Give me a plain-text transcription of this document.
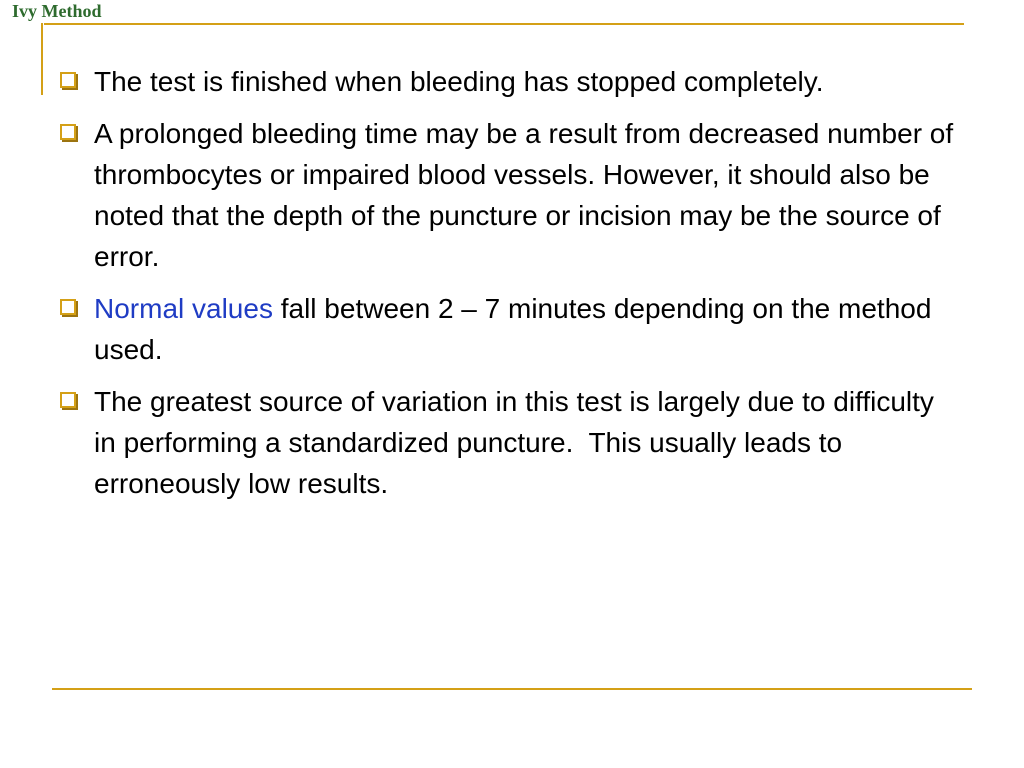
Ivy Method
The test is finished when bleeding has stopped completely.
A prolonged bleeding time may be a result from decreased number of thrombocytes or impaired blood vessels. However, it should also be noted that the depth of the puncture or incision may be the source of error.
Normal values fall between 2 – 7 minutes depending on the method used.
The greatest source of variation in this test is largely due to difficulty in performing a standardized puncture.  This usually leads to erroneously low results.
